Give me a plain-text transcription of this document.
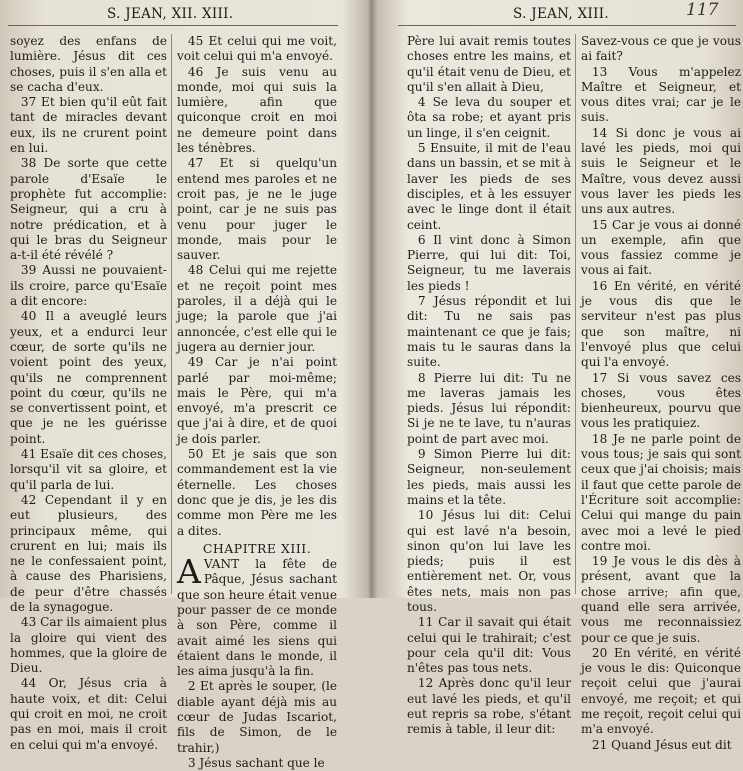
S. JEAN, XII. XIII.

soyez des enfans de lumière. Jésus dit ces choses, puis il s'en alla et se cacha d'eux.

37 Et bien qu'il eût fait tant de miracles devant eux, ils ne crurent point en lui.

38 De sorte que cette parole d'Esaïe le prophète fut accomplie: Seigneur, qui a cru à notre prédication, et à qui le bras du Seigneur a-t-il été révélé ?

39 Aussi ne pouvaient-ils croire, parce qu'Esaïe a dit encore:

40 Il a aveuglé leurs yeux, et a endurci leur cœur, de sorte qu'ils ne voient point des yeux, qu'ils ne comprennent point du cœur, qu'ils ne se convertissent point, et que je ne les guérisse point.

41 Esaïe dit ces choses, lorsqu'il vit sa gloire, et qu'il parla de lui.

42 Cependant il y en eut plusieurs, des principaux même, qui crurent en lui; mais ils ne le confessaient point, à cause des Pharisiens, de peur d'être chassés de la synagogue.

43 Car ils aimaient plus la gloire qui vient des hommes, que la gloire de Dieu.

44 Or, Jésus cria à haute voix, et dit: Celui qui croit en moi, ne croit pas en moi, mais il croit en celui qui m'a envoyé.

45 Et celui qui me voit, voit celui qui m'a envoyé.

46 Je suis venu au monde, moi qui suis la lumière, afin que quiconque croit en moi ne demeure point dans les ténèbres.

47 Et si quelqu'un entend mes paroles et ne croit pas, je ne le juge point, car je ne suis pas venu pour juger le monde, mais pour le sauver.

48 Celui qui me rejette et ne reçoit point mes paroles, il a déjà qui le juge; la parole que j'ai annoncée, c'est elle qui le jugera au dernier jour.

49 Car je n'ai point parlé par moi-même; mais le Père, qui m'a envoyé, m'a prescrit ce que j'ai à dire, et de quoi je dois parler.

50 Et je sais que son commandement est la vie éternelle. Les choses donc que je dis, je les dis comme mon Père me les a dites.

CHAPITRE XIII.

AVANT la fête de Pâque, Jésus sachant que son heure était venue pour passer de ce monde à son Père, comme il avait aimé les siens qui étaient dans le monde, il les aima jusqu'à la fin.

2 Et après le souper, (le diable ayant déjà mis au cœur de Judas Iscariot, fils de Simon, de le trahir,)

3 Jésus sachant que le

S. JEAN, XIII.	117

Père lui avait remis toutes choses entre les mains, et qu'il était venu de Dieu, et qu'il s'en allait à Dieu,

4 Se leva du souper et ôta sa robe; et ayant pris un linge, il s'en ceignit.

5 Ensuite, il mit de l'eau dans un bassin, et se mit à laver les pieds de ses disciples, et à les essuyer avec le linge dont il était ceint.

6 Il vint donc à Simon Pierre, qui lui dit: Toi, Seigneur, tu me laverais les pieds !

7 Jésus répondit et lui dit: Tu ne sais pas maintenant ce que je fais; mais tu le sauras dans la suite.

8 Pierre lui dit: Tu ne me laveras jamais les pieds. Jésus lui répondit: Si je ne te lave, tu n'auras point de part avec moi.

9 Simon Pierre lui dit: Seigneur, non-seulement les pieds, mais aussi les mains et la tête.

10 Jésus lui dit: Celui qui est lavé n'a besoin, sinon qu'on lui lave les pieds; puis il est entièrement net. Or, vous êtes nets, mais non pas tous.

11 Car il savait qui était celui qui le trahirait; c'est pour cela qu'il dit: Vous n'êtes pas tous nets.

12 Après donc qu'il leur eut lavé les pieds, et qu'il eut repris sa robe, s'étant remis à table, il leur dit:

Savez-vous ce que je vous ai fait?

13 Vous m'appelez Maître et Seigneur, et vous dites vrai; car je le suis.

14 Si donc je vous ai lavé les pieds, moi qui suis le Seigneur et le Maître, vous devez aussi vous laver les pieds les uns aux autres.

15 Car je vous ai donné un exemple, afin que vous fassiez comme je vous ai fait.

16 En vérité, en vérité je vous dis que le serviteur n'est pas plus que son maître, ni l'envoyé plus que celui qui l'a envoyé.

17 Si vous savez ces choses, vous êtes bienheureux, pourvu que vous les pratiquiez.

18 Je ne parle point de vous tous; je sais qui sont ceux que j'ai choisis; mais il faut que cette parole de l'Écriture soit accomplie: Celui qui mange du pain avec moi a levé le pied contre moi.

19 Je vous le dis dès à présent, avant que la chose arrive; afin que, quand elle sera arrivée, vous me reconnaissiez pour ce que je suis.

20 En vérité, en vérité je vous le dis: Quiconque reçoit celui que j'aurai envoyé, me reçoit; et qui me reçoit, reçoit celui qui m'a envoyé.

21 Quand Jésus eut dit
